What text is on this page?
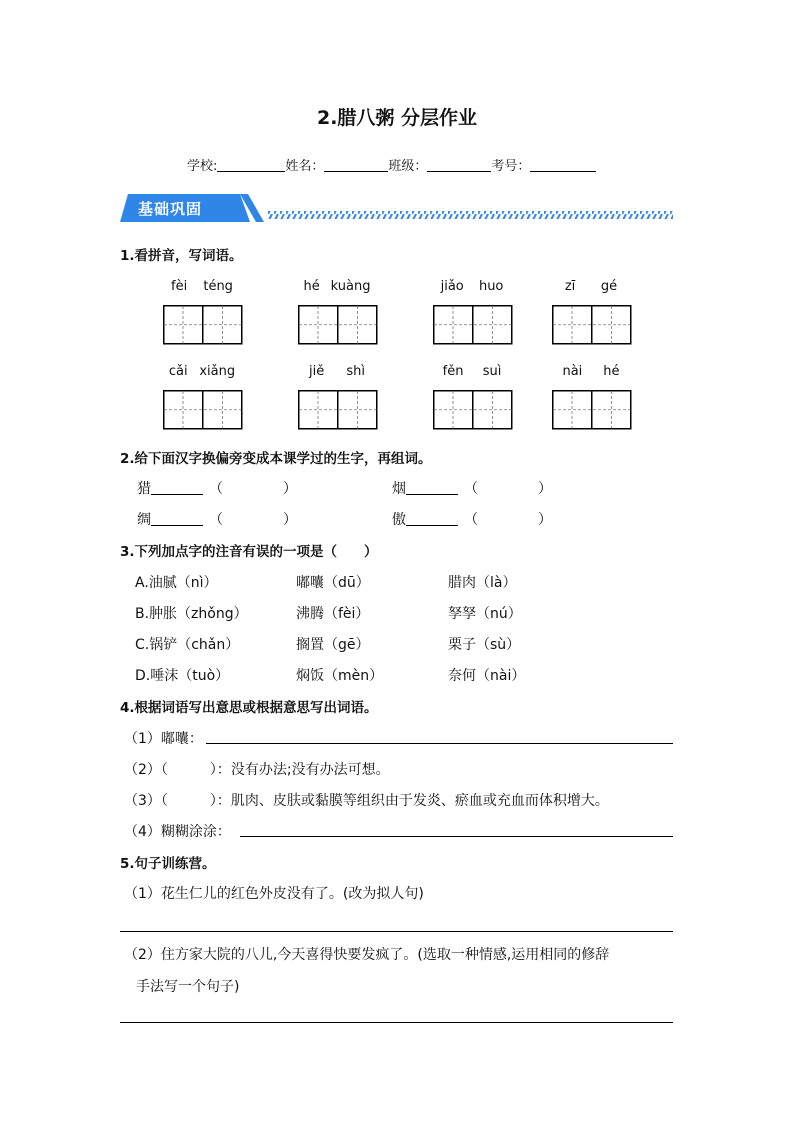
2.腊八粥 分层作业
学校:	姓名：	班级：	考号：
基础巩固
1.看拼音，写词语。
fèi téng	hé kuàng	jiǎo huo	zī gé
cǎi xiǎng	jiě shì	fěn suì	nài hé
2.给下面汉字换偏旁变成本课学过的生字，再组词。
猎	（	）	烟	（	）
绸	（	）	傲	（	）
3.下列加点字的注音有误的一项是（　　）
A.油腻（nì）	嘟囔（dū）	腊肉（là）
B.肿胀（zhǒng）	沸腾（fèi）	孥孥（nú）
C.锅铲（chǎn）	搁置（gē）	栗子（sù）
D.唾沫（tuò）	焖饭（mèn）	奈何（nài）
4.根据词语写出意思或根据意思写出词语。
（1）嘟囔：
（2）（　　　）：没有办法;没有办法可想。
（3）（　　　）：肌肉、皮肤或黏膜等组织由于发炎、瘀血或充血而体积增大。
（4）糊糊涂涂：
5.句子训练营。
（1）花生仁儿的红色外皮没有了。(改为拟人句)
（2）住方家大院的八儿,今天喜得快要发疯了。(选取一种情感,运用相同的修辞
手法写一个句子)
